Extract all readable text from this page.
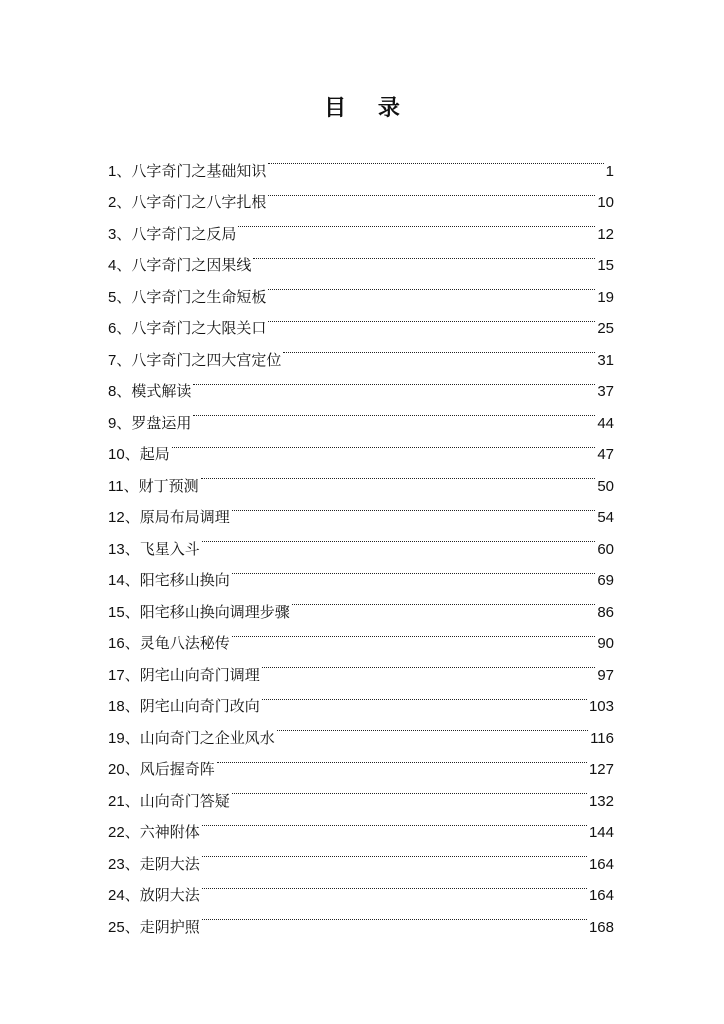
目 录
1 、 八字奇门之基础知识	1
2 、 八字奇门之八字扎根	10
3 、 八字奇门之反局	12
4 、 八字奇门之因果线	15
5 、 八字奇门之生命短板	19
6 、 八字奇门之大限关口	25
7 、 八字奇门之四大宫定位	31
8 、 模式解读	37
9 、 罗盘运用	44
10 、 起局	47
11 、 财丁预测	50
12 、 原局布局调理	54
13 、 飞星入斗	60
14 、 阳宅移山换向	69
15 、 阳宅移山换向调理步骤	86
16 、 灵龟八法秘传	90
17 、 阴宅山向奇门调理	97
18 、 阴宅山向奇门改向	103
19 、 山向奇门之企业风水	116
20 、 风后握奇阵	127
21 、 山向奇门答疑	132
22 、 六神附体	144
23 、 走阴大法	164
24 、 放阴大法	164
25 、 走阴护照	168
